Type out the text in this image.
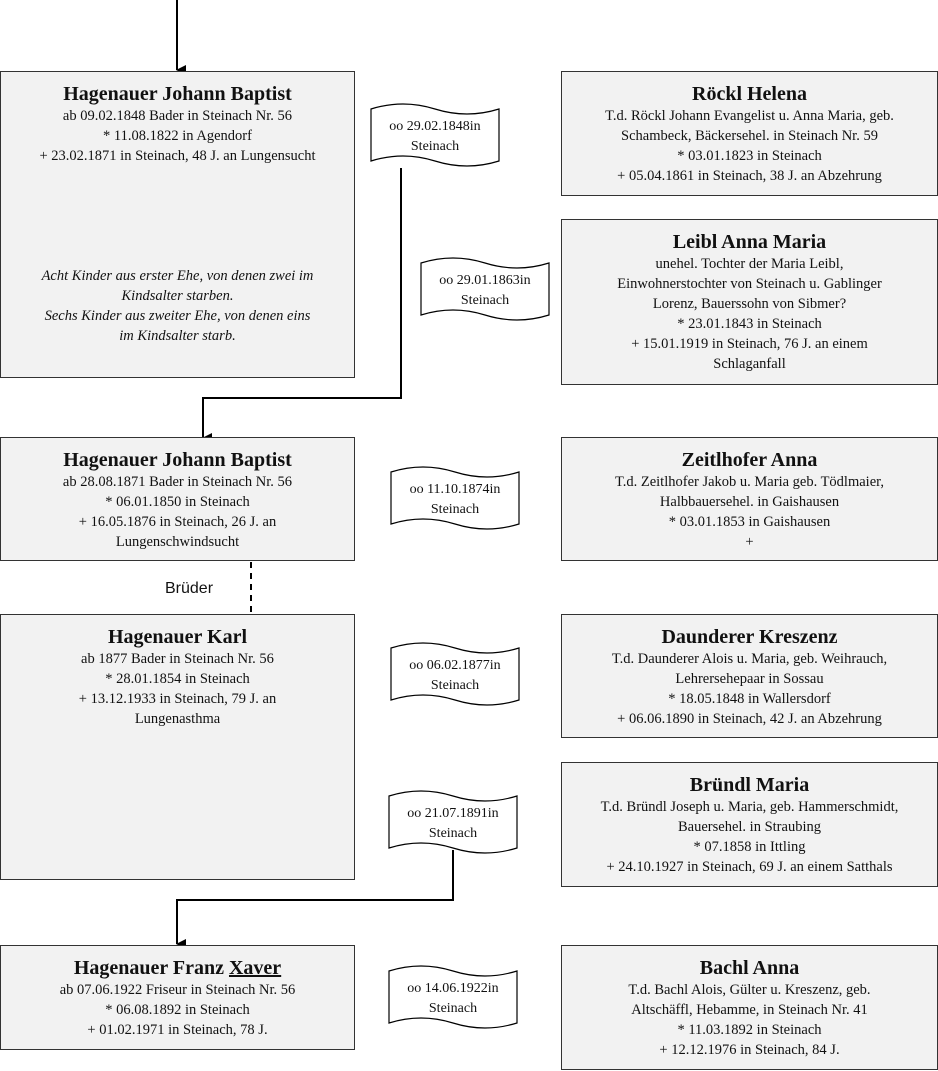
Brüder
Hagenauer Johann Baptist
ab 09.02.1848 Bader in Steinach Nr. 56
* 11.08.1822 in Agendorf
+ 23.02.1871 in Steinach, 48 J. an Lungensucht
Acht Kinder aus erster Ehe, von denen zwei im
Kindsalter starben.
Sechs Kinder aus zweiter Ehe, von denen eins
im Kindsalter starb.
Hagenauer Johann Baptist
ab 28.08.1871 Bader in Steinach Nr. 56
* 06.01.1850 in Steinach
+ 16.05.1876 in Steinach, 26 J. an
Lungenschwindsucht
Hagenauer Karl
ab 1877 Bader in Steinach Nr. 56
* 28.01.1854 in Steinach
+ 13.12.1933 in Steinach, 79 J. an
Lungenasthma
Hagenauer Franz Xaver
ab 07.06.1922 Friseur in Steinach Nr. 56
* 06.08.1892 in Steinach
+ 01.02.1971 in Steinach, 78 J.
Röckl Helena
T.d. Röckl Johann Evangelist u. Anna Maria, geb.
Schambeck, Bäckersehel. in Steinach Nr. 59
* 03.01.1823 in Steinach
+ 05.04.1861 in Steinach, 38 J. an Abzehrung
Leibl Anna Maria
unehel. Tochter der Maria Leibl,
Einwohnerstochter von Steinach u. Gablinger
Lorenz, Bauerssohn von Sibmer?
* 23.01.1843 in Steinach
+ 15.01.1919 in Steinach, 76 J. an einem
Schlaganfall
Zeitlhofer Anna
T.d. Zeitlhofer Jakob u. Maria geb. Tödlmaier,
Halbbauersehel. in Gaishausen
* 03.01.1853 in Gaishausen
+
Daunderer Kreszenz
T.d. Daunderer Alois u. Maria, geb. Weihrauch,
Lehrersehepaar in Sossau
* 18.05.1848 in Wallersdorf
+ 06.06.1890 in Steinach, 42 J. an Abzehrung
Bründl Maria
T.d. Bründl Joseph u. Maria, geb. Hammerschmidt,
Bauersehel. in Straubing
* 07.1858 in Ittling
+ 24.10.1927 in Steinach, 69 J. an einem Satthals
Bachl Anna
T.d. Bachl Alois, Gülter u. Kreszenz, geb.
Altschäffl, Hebamme, in Steinach Nr. 41
* 11.03.1892 in Steinach
+ 12.12.1976 in Steinach, 84 J.
oo 29.02.1848in Steinach
oo 29.01.1863in Steinach
oo 11.10.1874in Steinach
oo 06.02.1877in Steinach
oo 21.07.1891in Steinach
oo 14.06.1922in Steinach
